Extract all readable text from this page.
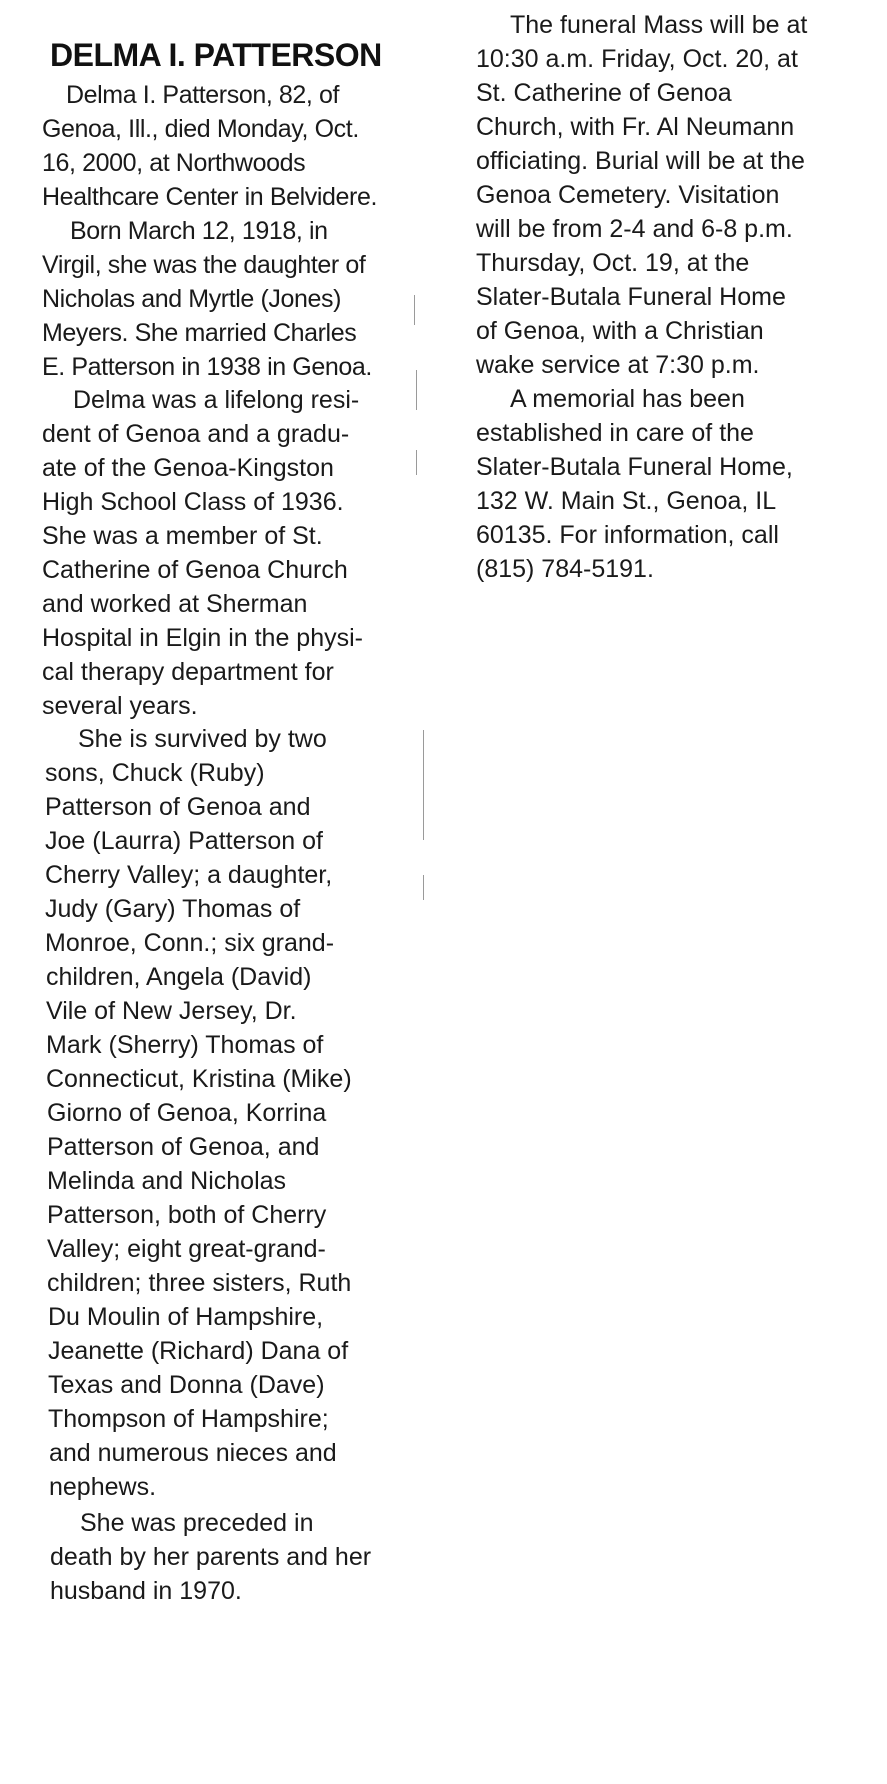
DELMA I. PATTERSON

Delma I. Patterson, 82, of
Genoa, Ill., died Monday, Oct.
16, 2000, at Northwoods
Healthcare Center in Belvidere.

Born March 12, 1918, in
Virgil, she was the daughter of
Nicholas and Myrtle (Jones)
Meyers. She married Charles
E. Patterson in 1938 in Genoa.

Delma was a lifelong resi-
dent of Genoa and a gradu-
ate of the Genoa-Kingston
High School Class of 1936.
She was a member of St.
Catherine of Genoa Church
and worked at Sherman
Hospital in Elgin in the physi-
cal therapy department for
several years.

She is survived by two
sons, Chuck (Ruby)
Patterson of Genoa and
Joe (Laurra) Patterson of
Cherry Valley; a daughter,
Judy (Gary) Thomas of
Monroe, Conn.; six grand-
children, Angela (David)
Vile of New Jersey, Dr.
Mark (Sherry) Thomas of
Connecticut, Kristina (Mike)
Giorno of Genoa, Korrina
Patterson of Genoa, and
Melinda and Nicholas
Patterson, both of Cherry
Valley; eight great-grand-
children; three sisters, Ruth
Du Moulin of Hampshire,
Jeanette (Richard) Dana of
Texas and Donna (Dave)
Thompson of Hampshire;
and numerous nieces and
nephews.

She was preceded in
death by her parents and her
husband in 1970.

The funeral Mass will be at
10:30 a.m. Friday, Oct. 20, at
St. Catherine of Genoa
Church, with Fr. Al Neumann
officiating. Burial will be at the
Genoa Cemetery. Visitation
will be from 2-4 and 6-8 p.m.
Thursday, Oct. 19, at the
Slater-Butala Funeral Home
of Genoa, with a Christian
wake service at 7:30 p.m.

A memorial has been
established in care of the
Slater-Butala Funeral Home,
132 W. Main St., Genoa, IL
60135. For information, call
(815) 784-5191.
